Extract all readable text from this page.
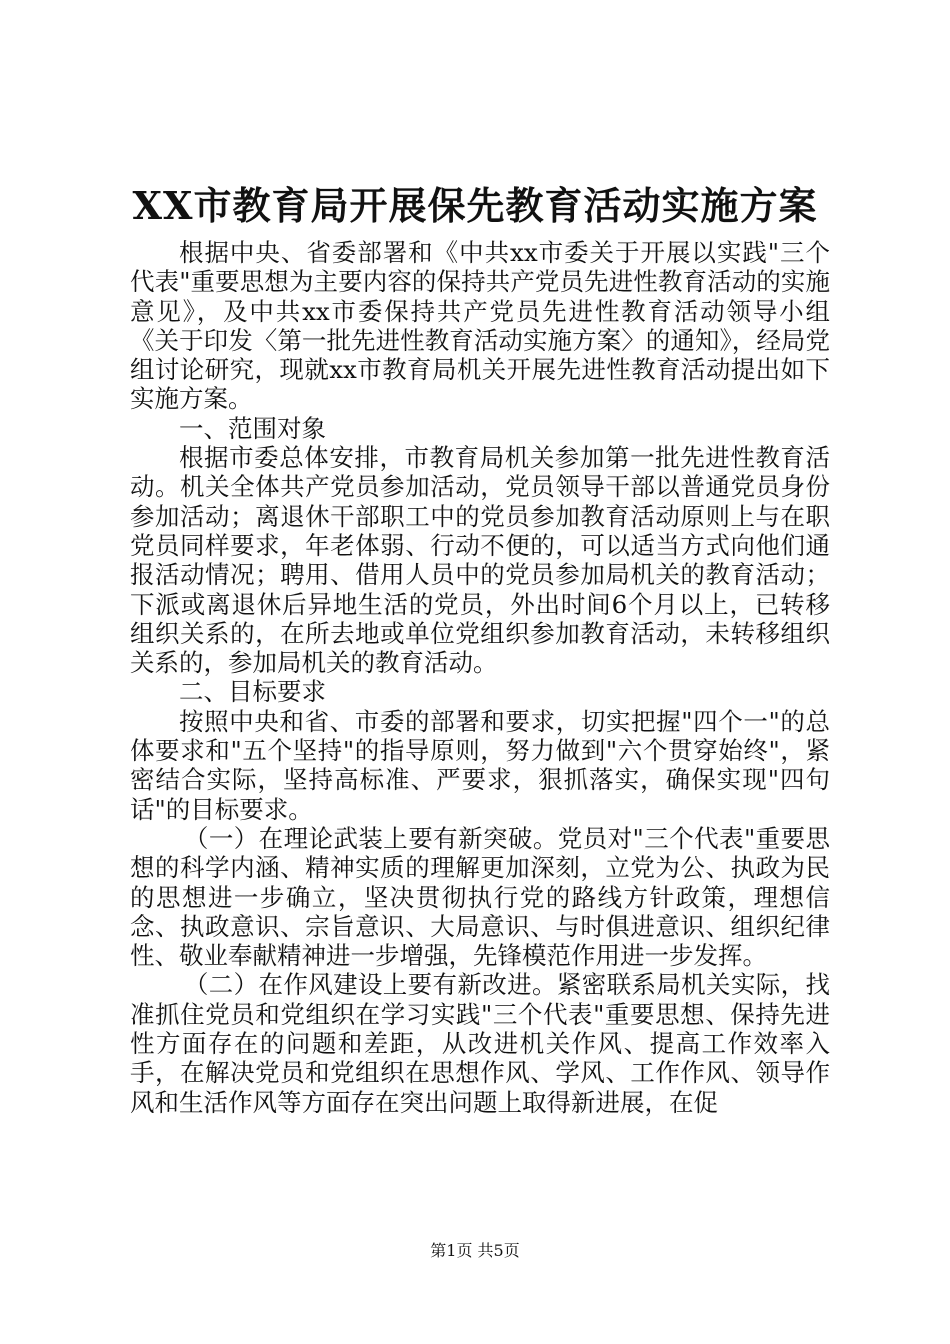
XX市教育局开展保先教育活动实施方案

根据中央、省委部署和《中共xx市委关于开展以实践"三个代表"重要思想为主要内容的保持共产党员先进性教育活动的实施意见》，及中共xx市委保持共产党员先进性教育活动领导小组《关于印发〈第一批先进性教育活动实施方案〉的通知》，经局党组讨论研究，现就xx市教育局机关开展先进性教育活动提出如下实施方案。

一、范围对象

根据市委总体安排，市教育局机关参加第一批先进性教育活动。机关全体共产党员参加活动，党员领导干部以普通党员身份参加活动；离退休干部职工中的党员参加教育活动原则上与在职党员同样要求，年老体弱、行动不便的，可以适当方式向他们通报活动情况；聘用、借用人员中的党员参加局机关的教育活动；下派或离退休后异地生活的党员，外出时间6个月以上，已转移组织关系的，在所去地或单位党组织参加教育活动，未转移组织关系的，参加局机关的教育活动。

二、目标要求

按照中央和省、市委的部署和要求，切实把握"四个一"的总体要求和"五个坚持"的指导原则，努力做到"六个贯穿始终"，紧密结合实际，坚持高标准、严要求，狠抓落实，确保实现"四句话"的目标要求。

（一）在理论武装上要有新突破。党员对"三个代表"重要思想的科学内涵、精神实质的理解更加深刻，立党为公、执政为民的思想进一步确立，坚决贯彻执行党的路线方针政策，理想信念、执政意识、宗旨意识、大局意识、与时俱进意识、组织纪律性、敬业奉献精神进一步增强，先锋模范作用进一步发挥。

（二）在作风建设上要有新改进。紧密联系局机关实际，找准抓住党员和党组织在学习实践"三个代表"重要思想、保持先进性方面存在的问题和差距，从改进机关作风、提高工作效率入手，在解决党员和党组织在思想作风、学风、工作作风、领导作风和生活作风等方面存在突出问题上取得新进展，在促

第1页 共5页
